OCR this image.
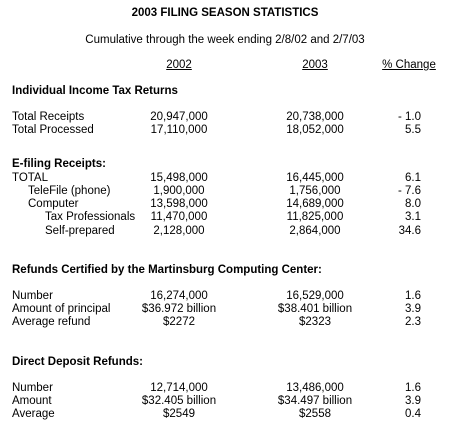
2003 FILING SEASON STATISTICS
Cumulative through the week ending 2/8/02 and 2/7/03
2002	2003	% Change
Individual Income Tax Returns
Total Receipts	20,947,000	20,738,000	- 1.0
Total Processed	17,110,000	18,052,000	5.5
E-filing Receipts:
TOTAL	15,498,000	16,445,000	6.1
TeleFile (phone)	1,900,000	1,756,000	- 7.6
Computer	13,598,000	14,689,000	8.0
Tax Professionals 11,470,000	11,825,000	3.1
Self-prepared	2,128,000	2,864,000	34.6
Refunds Certified by the Martinsburg Computing Center:
Number	16,274,000	16,529,000	1.6
Amount of principal	$36.972 billion	$38.401 billion	3.9
Average refund	$2272	$2323	2.3
Direct Deposit Refunds:
Number	12,714,000	13,486,000	1.6
Amount	$32.405 billion	$34.497 billion	3.9
Average	$2549	$2558	0.4
